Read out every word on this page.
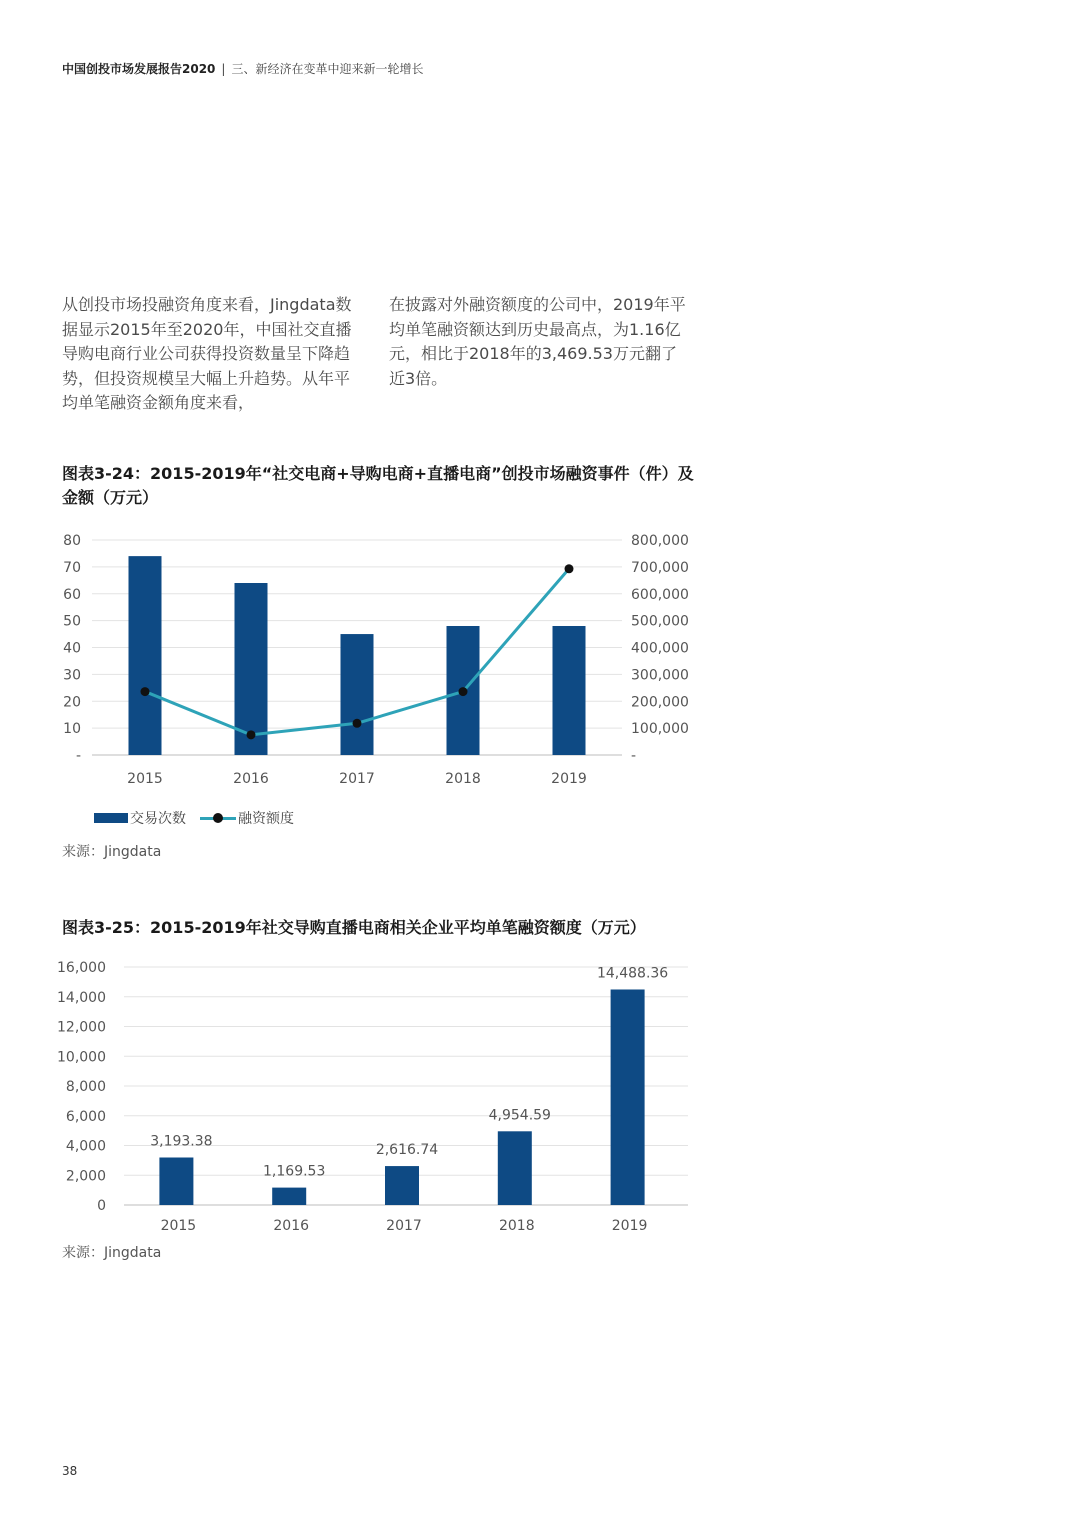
中国创投市场发展报告2020 | 三、新经济在变革中迎来新一轮增长

从创投市场投融资角度来看，Jingdata数据显示2015年至2020年，中国社交直播导购电商行业公司获得投资数量呈下降趋势，但投资规模呈大幅上升趋势。从年平均单笔融资金额角度来看，

在披露对外融资额度的公司中，2019年平均单笔融资额达到历史最高点，为1.16亿元，相比于2018年的3,469.53万元翻了近3倍。

图表3-24：2015-2019年“社交电商+导购电商+直播电商”创投市场融资事件（件）及金额（万元）

-	-
10	100,000
20	200,000
30	300,000
40	400,000
50	500,000
60	600,000
70	700,000
80	800,000
2015	2016	2017	2018	2019
交易次数	融资额度
来源：Jingdata

图表3-25：2015-2019年社交导购直播电商相关企业平均单笔融资额度（万元）

0
2,000
4,000
6,000
8,000
10,000
12,000
14,000
16,000
3,193.38
2015
1,169.53
2016
2,616.74
2017
4,954.59
2018
14,488.36
2019
来源：Jingdata
38
